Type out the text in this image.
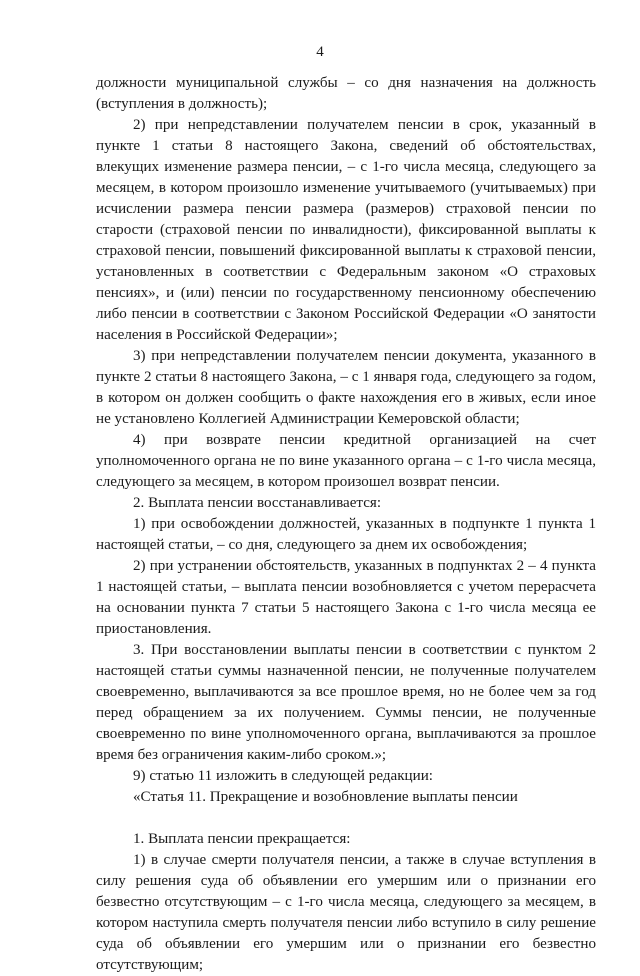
4

должности муниципальной службы – со дня назначения на должность (вступления в должность);

2) при непредставлении получателем пенсии в срок, указанный в пункте 1 статьи 8 настоящего Закона, сведений об обстоятельствах, влекущих изменение размера пенсии, – с 1-го числа месяца, следующего за месяцем, в котором произошло изменение учитываемого (учитываемых) при исчислении размера пенсии размера (размеров) страховой пенсии по старости (страховой пенсии по инвалидности), фиксированной выплаты к страховой пенсии, повышений фиксированной выплаты к страховой пенсии, установленных в соответствии с Федеральным законом «О страховых пенсиях», и (или) пенсии по государственному пенсионному обеспечению либо пенсии в соответствии с Законом Российской Федерации «О занятости населения в Российской Федерации»;

3) при непредставлении получателем пенсии документа, указанного в пункте 2 статьи 8 настоящего Закона, – с 1 января года, следующего за годом, в котором он должен сообщить о факте нахождения его в живых, если иное не установлено Коллегией Администрации Кемеровской области;

4) при возврате пенсии кредитной организацией на счет уполномоченного органа не по вине указанного органа – с 1-го числа месяца, следующего за месяцем, в котором произошел возврат пенсии.

2. Выплата пенсии восстанавливается:

1) при освобождении должностей, указанных в подпункте 1 пункта 1 настоящей статьи, – со дня, следующего за днем их освобождения;

2) при устранении обстоятельств, указанных в подпунктах 2 – 4 пункта 1 настоящей статьи, – выплата пенсии возобновляется с учетом перерасчета на основании пункта 7 статьи 5 настоящего Закона с 1-го числа месяца ее приостановления.

3. При восстановлении выплаты пенсии в соответствии с пунктом 2 настоящей статьи суммы назначенной пенсии, не полученные получателем своевременно, выплачиваются за все прошлое время, но не более чем за год перед обращением за их получением. Суммы пенсии, не полученные своевременно по вине уполномоченного органа, выплачиваются за прошлое время без ограничения каким-либо сроком.»;

9) статью 11 изложить в следующей редакции:

«Статья 11. Прекращение и возобновление выплаты пенсии

1. Выплата пенсии прекращается:

1) в случае смерти получателя пенсии, а также в случае вступления в силу решения суда об объявлении его умершим или о признании его безвестно отсутствующим – с 1-го числа месяца, следующего за месяцем, в котором наступила смерть получателя пенсии либо вступило в силу решение суда об объявлении его умершим или о признании его безвестно отсутствующим;
